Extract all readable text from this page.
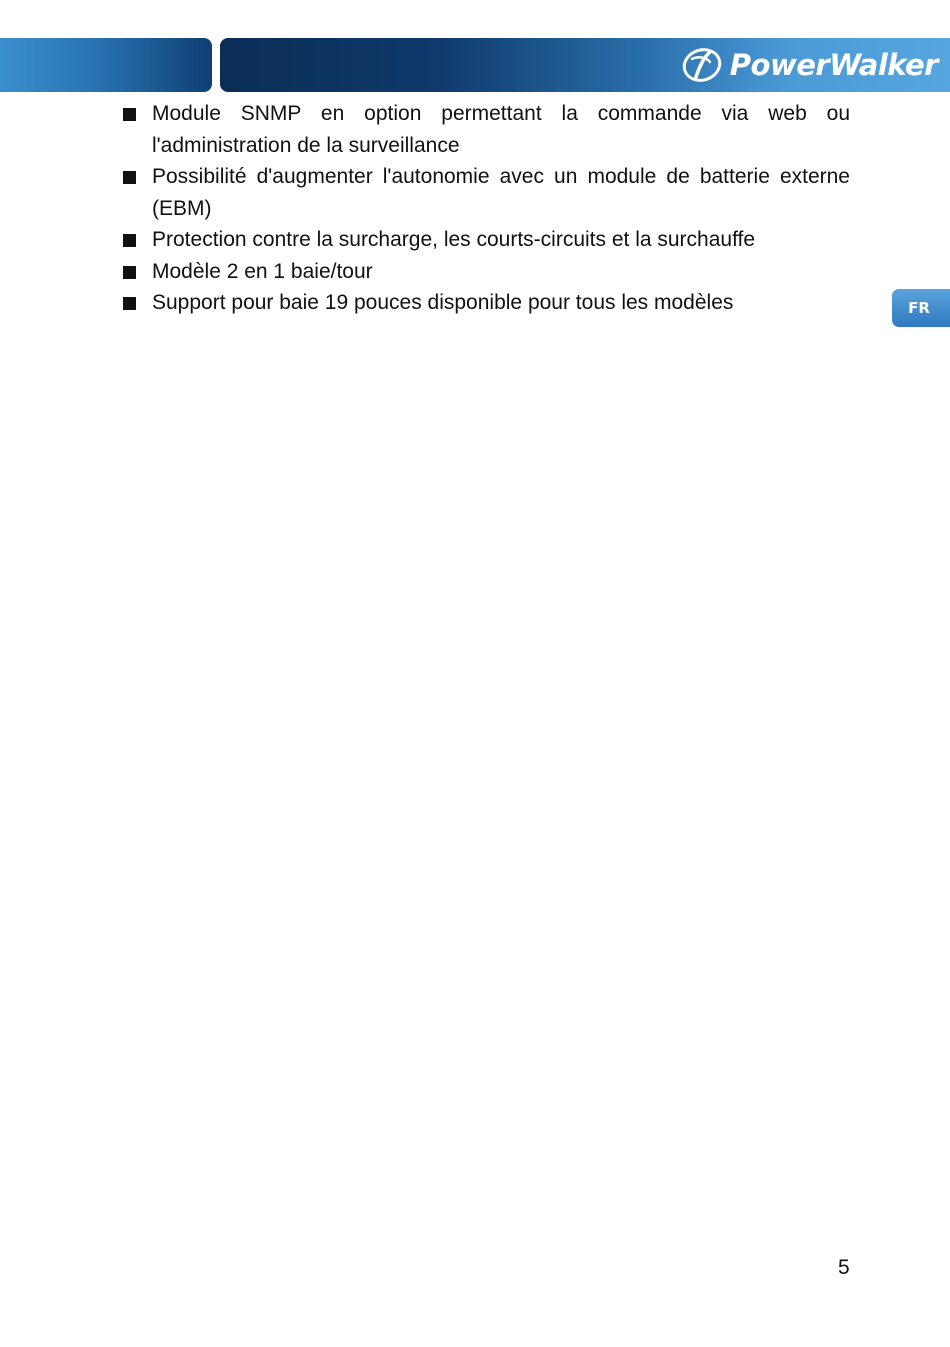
PowerWalker
FR
Module SNMP en option permettant la commande via web ou l'administration de la surveillance
Possibilité d'augmenter l'autonomie avec un module de batterie externe (EBM)
Protection contre la surcharge, les courts-circuits et la surchauffe
Modèle 2 en 1 baie/tour
Support pour baie 19 pouces disponible pour tous les modèles
5
